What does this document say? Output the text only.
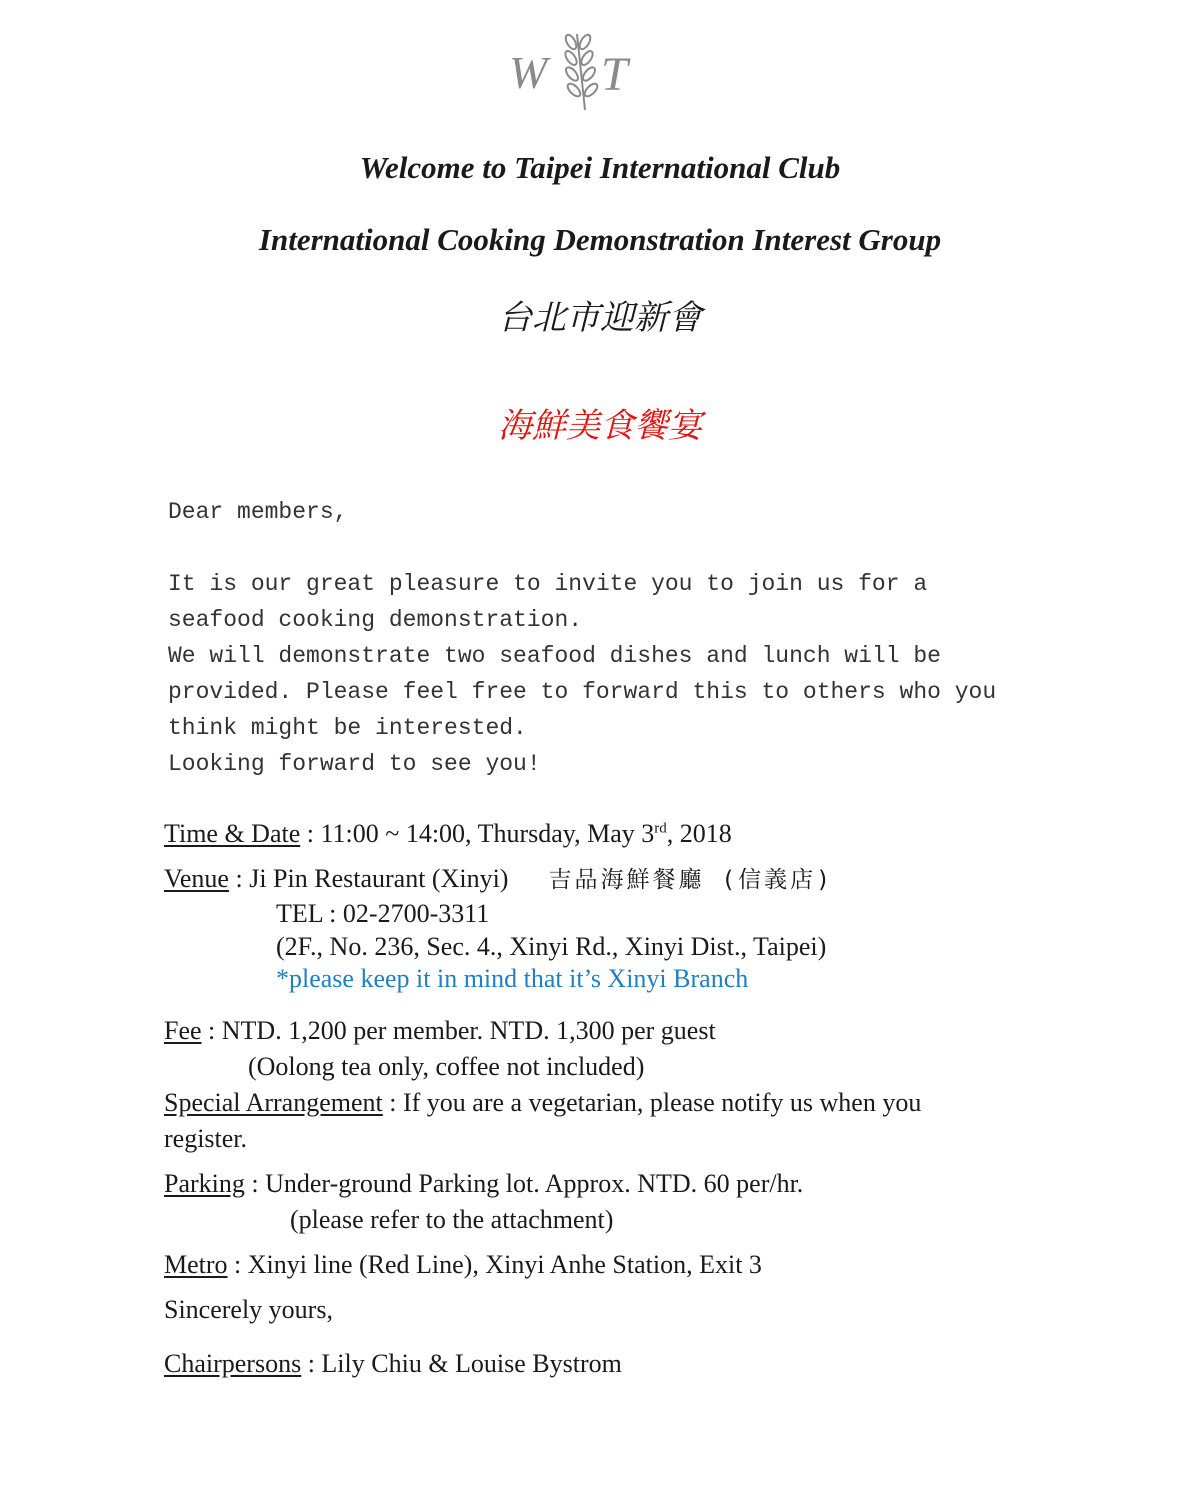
W T
Welcome to Taipei International Club
International Cooking Demonstration Interest Group
台北市迎新會
海鮮美食饗宴
Dear members,
It is our great pleasure to invite you to join us for a
seafood cooking demonstration.
We will demonstrate two seafood dishes and lunch will be
provided. Please feel free to forward this to others who you
think might be interested.
Looking forward to see you!
Time & Date : 11:00 ~ 14:00, Thursday, May 3rd, 2018
Venue : Ji Pin Restaurant (Xinyi) 吉品海鮮餐廳 (信義店)
TEL : 02-2700-3311
(2F., No. 236, Sec. 4., Xinyi Rd., Xinyi Dist., Taipei)
*please keep it in mind that it’s Xinyi Branch
Fee : NTD. 1,200 per member. NTD. 1,300 per guest
(Oolong tea only, coffee not included)
Special Arrangement : If you are a vegetarian, please notify us when you
register.
Parking : Under-ground Parking lot. Approx. NTD. 60 per/hr.
(please refer to the attachment)
Metro : Xinyi line (Red Line), Xinyi Anhe Station, Exit 3
Sincerely yours,
Chairpersons : Lily Chiu & Louise Bystrom
